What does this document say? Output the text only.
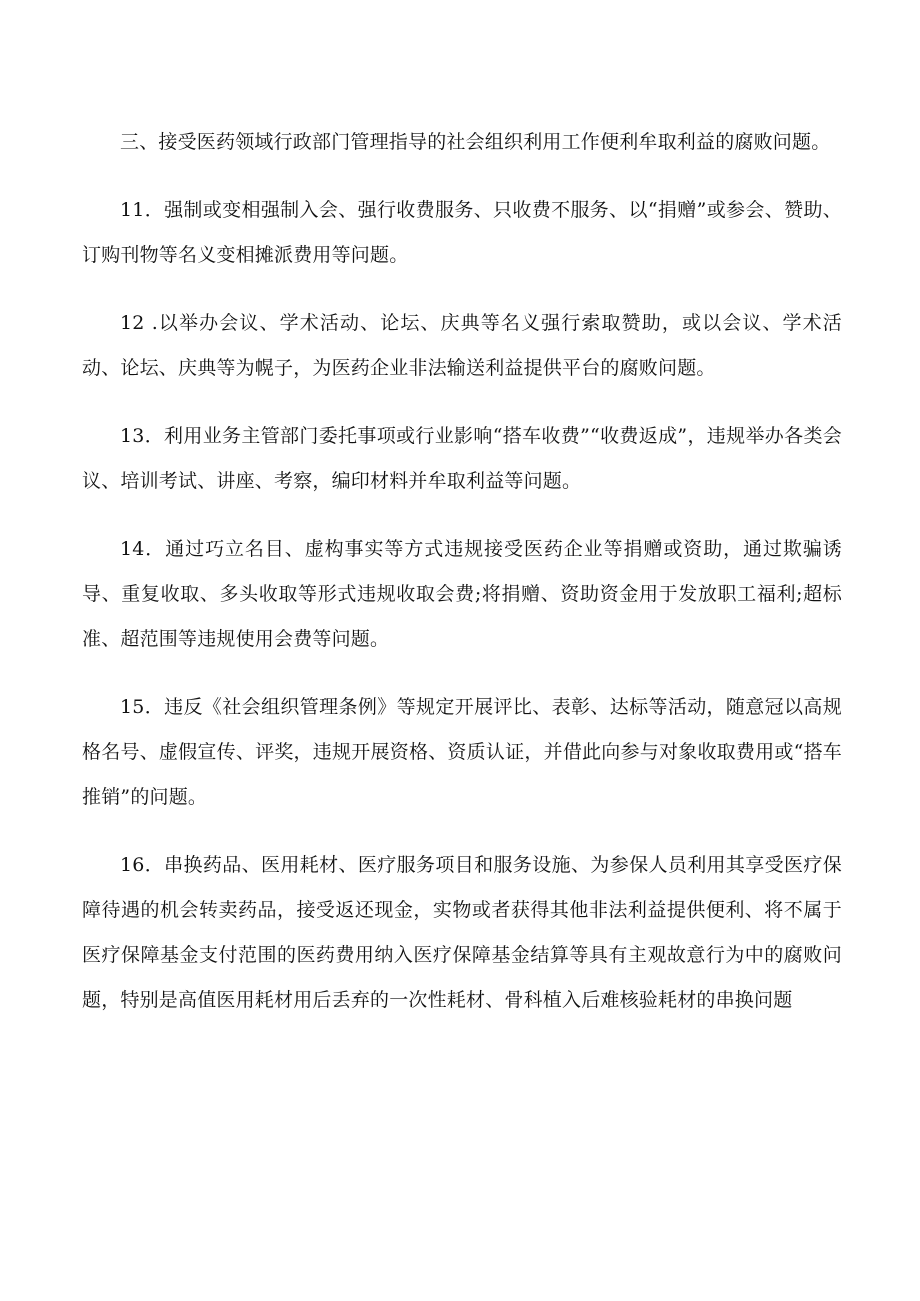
三、接受医药领域行政部门管理指导的社会组织利用工作便利牟取利益的腐败问题。

11．强制或变相强制入会、强行收费服务、只收费不服务、以“捐赠”或参会、赞助、订购刊物等名义变相摊派费用等问题。

12 .以举办会议、学术活动、论坛、庆典等名义强行索取赞助，或以会议、学术活动、论坛、庆典等为幌子，为医药企业非法输送利益提供平台的腐败问题。

13．利用业务主管部门委托事项或行业影响“搭车收费”“收费返成”，违规举办各类会议、培训考试、讲座、考察，编印材料并牟取利益等问题。

14．通过巧立名目、虚构事实等方式违规接受医药企业等捐赠或资助，通过欺骗诱导、重复收取、多头收取等形式违规收取会费;将捐赠、资助资金用于发放职工福利;超标准、超范围等违规使用会费等问题。

15．违反《社会组织管理条例》等规定开展评比、表彰、达标等活动，随意冠以高规格名号、虚假宣传、评奖，违规开展资格、资质认证，并借此向参与对象收取费用或“搭车推销”的问题。

16．串换药品、医用耗材、医疗服务项目和服务设施、为参保人员利用其享受医疗保障待遇的机会转卖药品，接受返还现金，实物或者获得其他非法利益提供便利、将不属于医疗保障基金支付范围的医药费用纳入医疗保障基金结算等具有主观故意行为中的腐败问题，特别是高值医用耗材用后丢弃的一次性耗材、骨科植入后难核验耗材的串换问题
